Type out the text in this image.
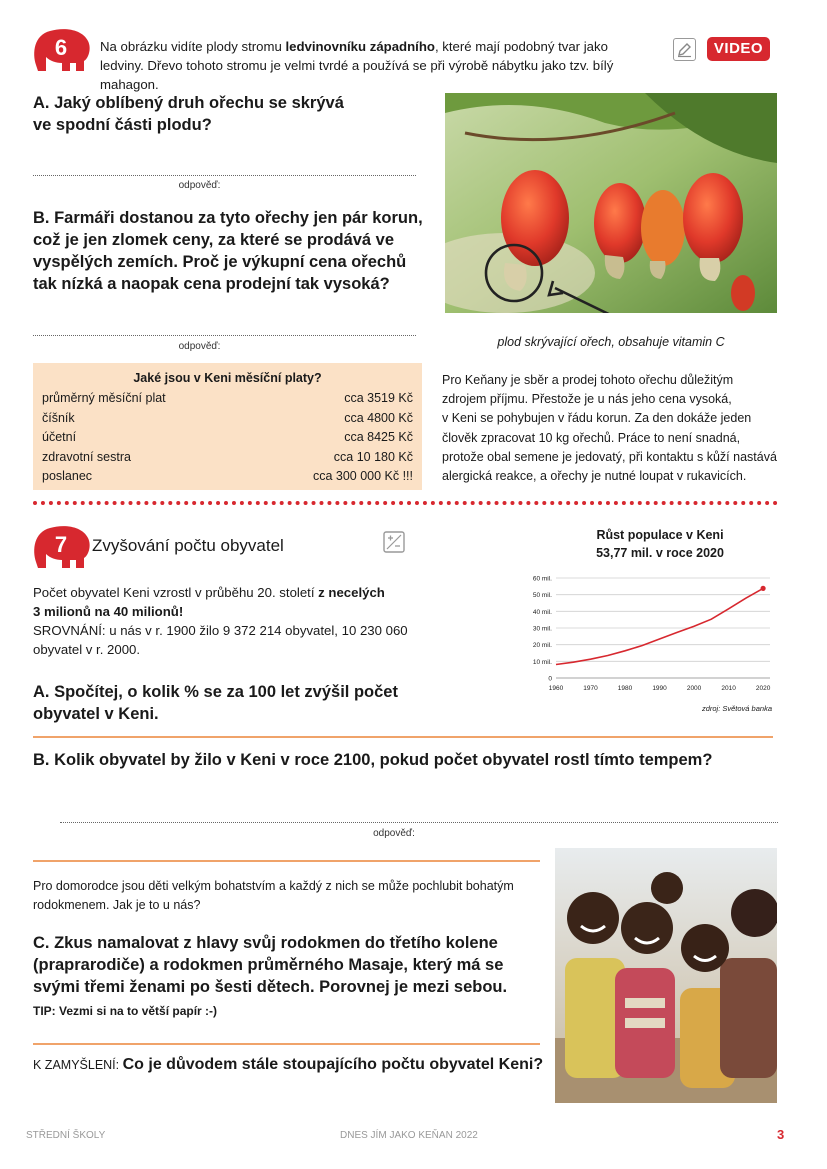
6	Na obrázku vidíte plody stromu ledvinovníku západního, které mají podobný tvar jako
ledviny. Dřevo tohoto stromu je velmi tvrdé a používá se při výrobě nábytku jako tzv. bílý mahagon.
VIDEO
A. Jaký oblíbený druh ořechu se skrývá
ve spodní části plodu?
odpověď:
B. Farmáři dostanou za tyto ořechy jen pár korun,
což je jen zlomek ceny, za které se prodává ve
vyspělých zemích. Proč je výkupní cena ořechů
tak nízká a naopak cena prodejní tak vysoká?
odpověď:	plod skrývající ořech, obsahuje vitamin C
Jaké jsou v Keni měsíční platy?
průměrný měsíční plat	cca 3519 Kč
číšník	cca 4800 Kč
účetní	cca 8425 Kč
zdravotní sestra	cca 10 180 Kč
poslanec	cca 300 000 Kč !!!
Pro Keňany je sběr a prodej tohoto ořechu důležitým
zdrojem příjmu. Přestože je u nás jeho cena vysoká,
v Keni se pohybujen v řádu korun. Za den dokáže jeden
člověk zpracovat 10 kg ořechů. Práce to není snadná,
protože obal semene je jedovatý, při kontaktu s kůží nastává
alergická reakce, a ořechy je nutné loupat v rukavicích.
7	Zvyšování počtu obyvatel
Počet obyvatel Keni vzrostl v průběhu 20. století z necelých
3 milionů na 40 milionů!
SROVNÁNÍ: u nás v r. 1900 žilo 9 372 214 obyvatel, 10 230 060
obyvatel v r. 2000.
A. Spočítej, o kolik % se za 100 let zvýšil počet
obyvatel v Keni.
Růst populace v Keni
53,77 mil. v roce 2020
0
10 mil.
20 mil.
30 mil.
40 mil.
50 mil.
60 mil.
1960	1970	1980	1990	2000	2010	2020
zdroj: Světová banka
B. Kolik obyvatel by žilo v Keni v roce 2100, pokud počet obyvatel rostl tímto tempem?
odpověď:
Pro domorodce jsou děti velkým bohatstvím a každý z nich se může pochlubit bohatým
rodokmenem. Jak je to u nás?
C. Zkus namalovat z hlavy svůj rodokmen do třetího kolene
(praprarodiče) a rodokmen průměrného Masaje, který má se
svými třemi ženami po šesti dětech. Porovnej je mezi sebou.
TIP: Vezmi si na to větší papír :-)
K ZAMYŠLENÍ: Co je důvodem stále stoupajícího počtu obyvatel Keni?
STŘEDNÍ ŠKOLY	DNES JÍM JAKO KEŇAN 2022	3
